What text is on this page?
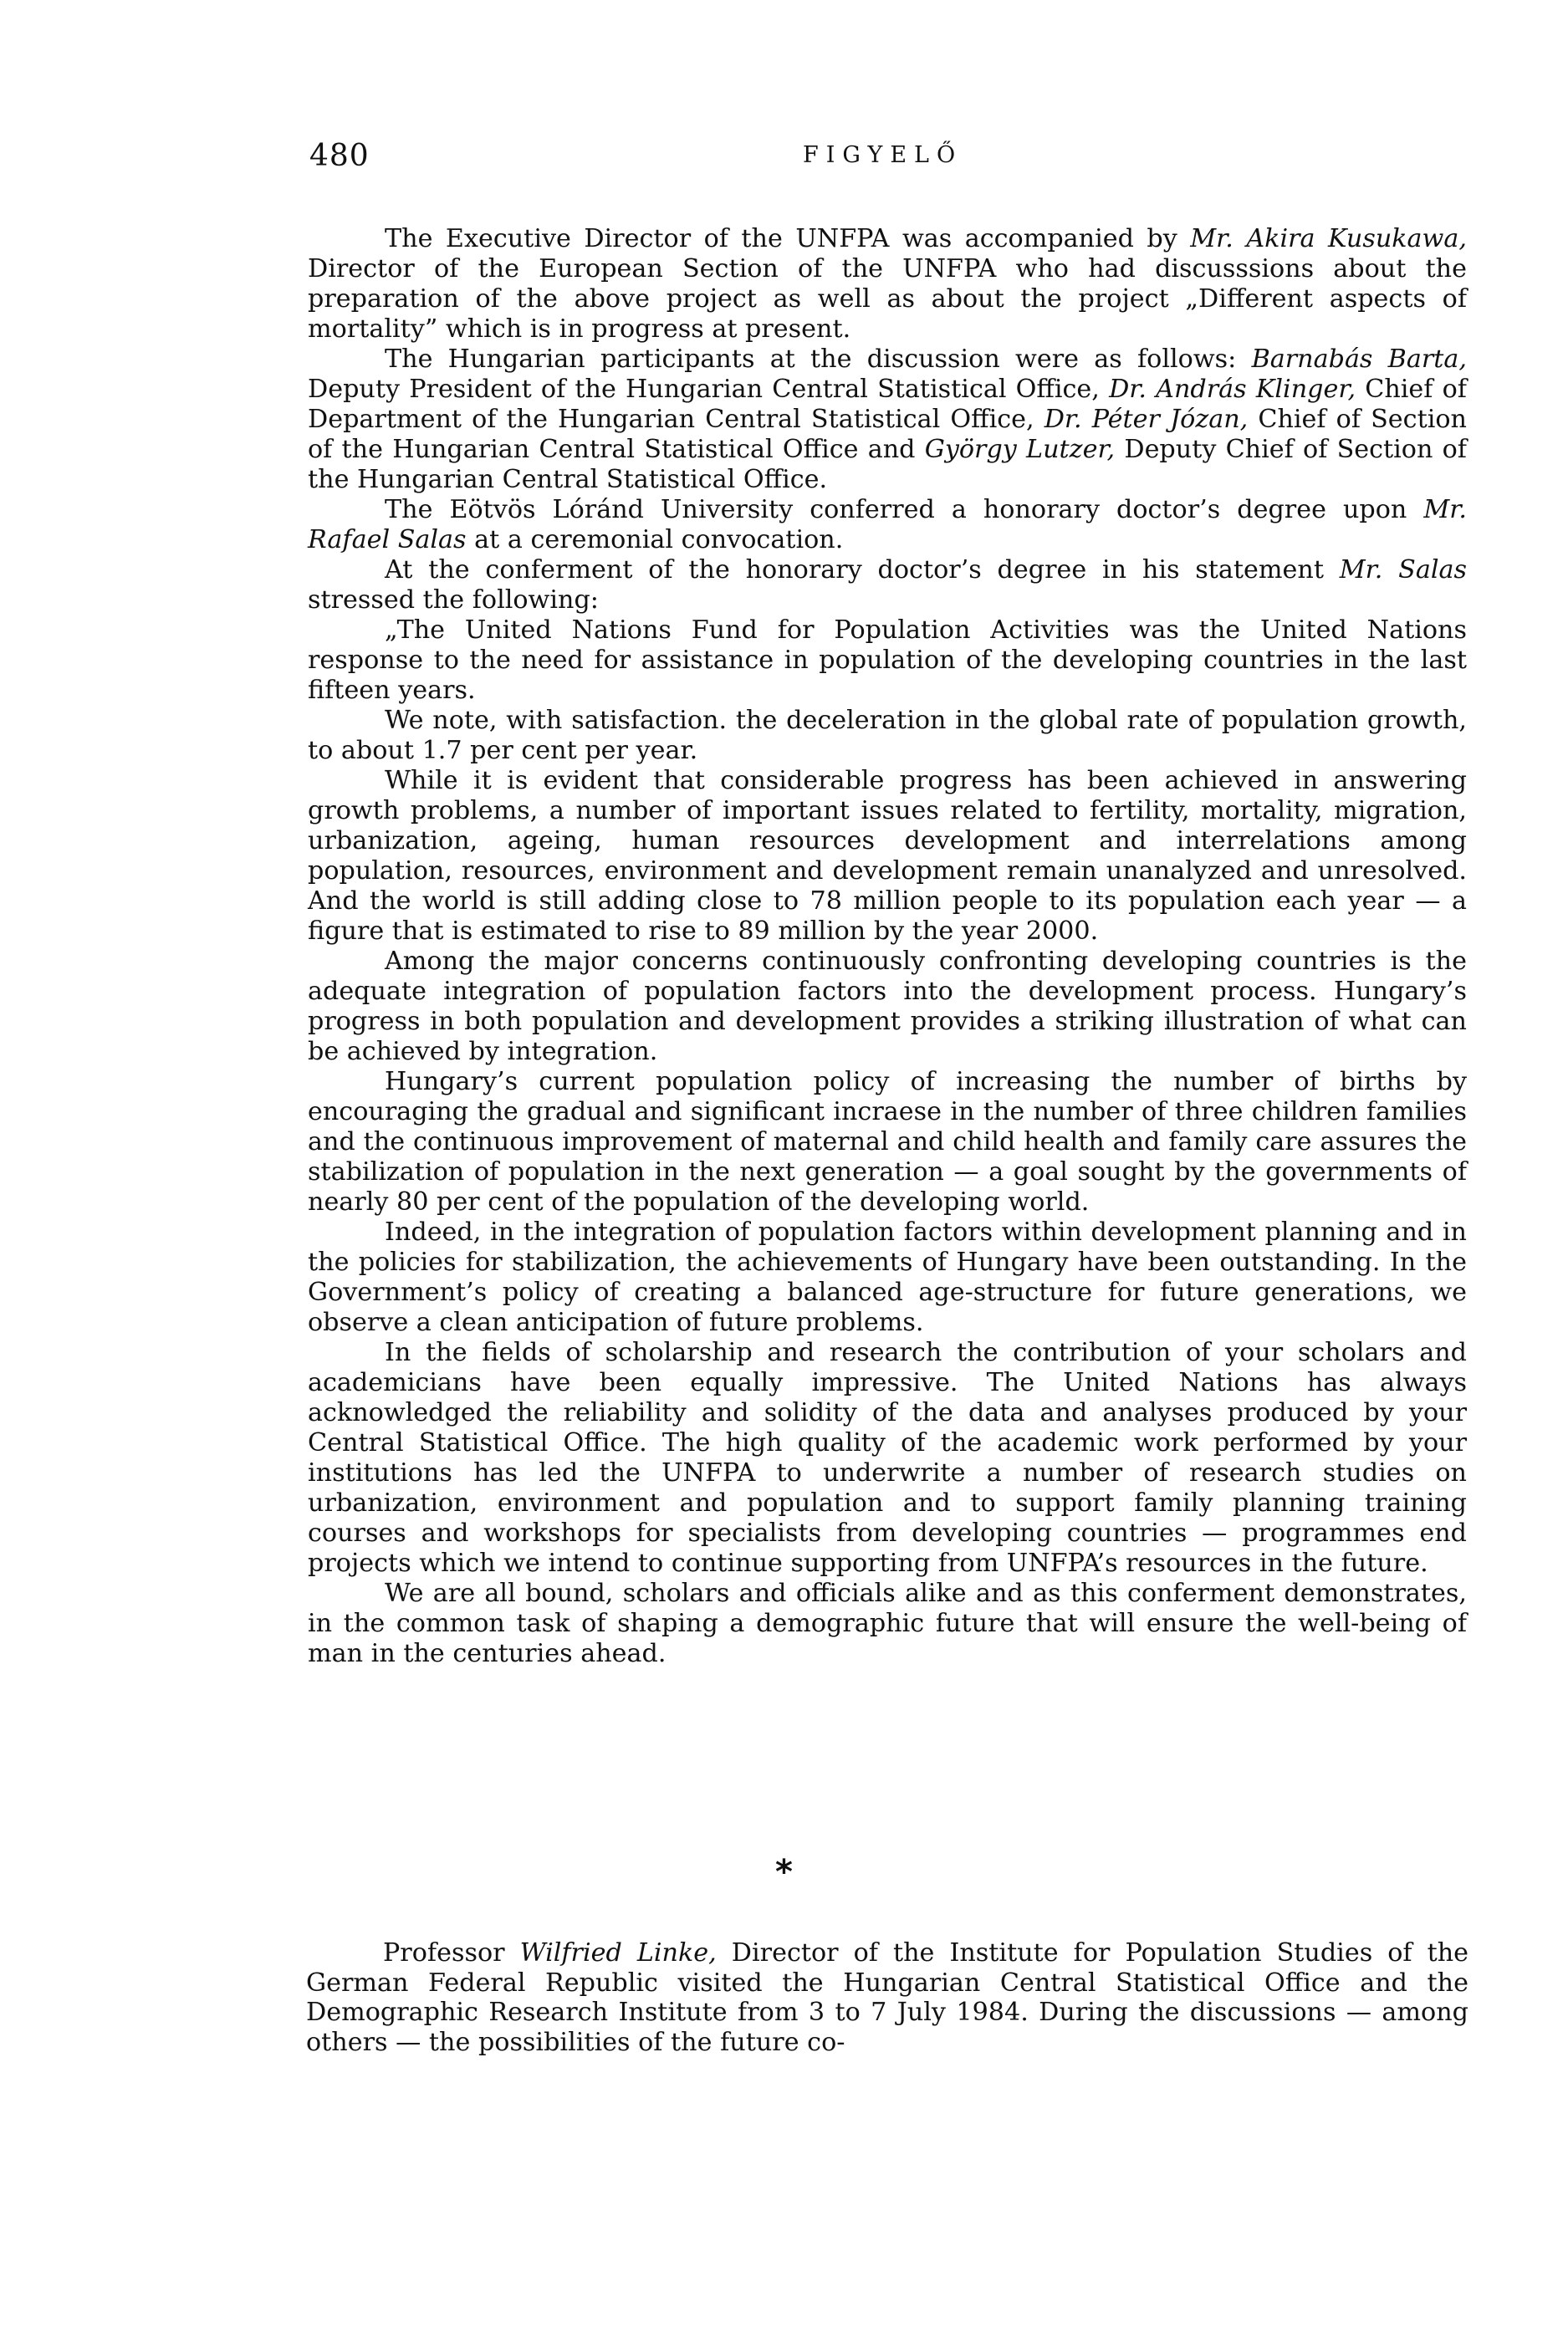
480	FIGYELŐ

The Executive Director of the UNFPA was accompanied by Mr. Akira Kusukawa, Director of the European Section of the UNFPA who had discusssions about the preparation of the above project as well as about the project „Different aspects of mortality” which is in progress at present.

The Hungarian participants at the discussion were as follows: Barnabás Barta, Deputy President of the Hungarian Central Statistical Office, Dr. András Klinger, Chief of Department of the Hungarian Central Statistical Office, Dr. Péter Józan, Chief of Section of the Hungarian Central Statistical Office and György Lutzer, Deputy Chief of Section of the Hungarian Central Statistical Office.

The Eötvös Lóránd University conferred a honorary doctor’s degree upon Mr. Rafael Salas at a ceremonial convocation.

At the conferment of the honorary doctor’s degree in his statement Mr. Salas stressed the following:

„The United Nations Fund for Population Activities was the United Nations response to the need for assistance in population of the developing countries in the last fifteen years.

We note, with satisfaction. the deceleration in the global rate of population growth, to about 1.7 per cent per year.

While it is evident that considerable progress has been achieved in answering growth problems, a number of important issues related to fertility, mortality, migration, urbanization, ageing, human resources development and interrelations among population, resources, environment and development remain unanalyzed and unresolved. And the world is still adding close to 78 million people to its population each year — a figure that is estimated to rise to 89 million by the year 2000.

Among the major concerns continuously confronting developing countries is the adequate integration of population factors into the development process. Hungary’s progress in both population and development provides a striking illustration of what can be achieved by integration.

Hungary’s current population policy of increasing the number of births by encouraging the gradual and significant incraese in the number of three children families and the continuous improvement of maternal and child health and family care assures the stabilization of population in the next generation — a goal sought by the governments of nearly 80 per cent of the population of the developing world.

Indeed, in the integration of population factors within development planning and in the policies for stabilization, the achievements of Hungary have been outstanding. In the Government’s policy of creating a balanced age-structure for future generations, we observe a clean anticipation of future problems.

In the fields of scholarship and research the contribution of your scholars and academicians have been equally impressive. The United Nations has always acknowledged the reliability and solidity of the data and analyses produced by your Central Statistical Office. The high quality of the academic work performed by your institutions has led the UNFPA to underwrite a number of research studies on urbanization, environment and population and to support family planning training courses and workshops for specialists from developing countries — programmes end projects which we intend to continue supporting from UNFPA’s resources in the future.

We are all bound, scholars and officials alike and as this conferment demonstrates, in the common task of shaping a demographic future that will ensure the well-being of man in the centuries ahead.

*

Professor Wilfried Linke, Director of the Institute for Population Studies of the German Federal Republic visited the Hungarian Central Statistical Office and the Demographic Research Institute from 3 to 7 July 1984. During the discussions — among others — the possibilities of the future co-
